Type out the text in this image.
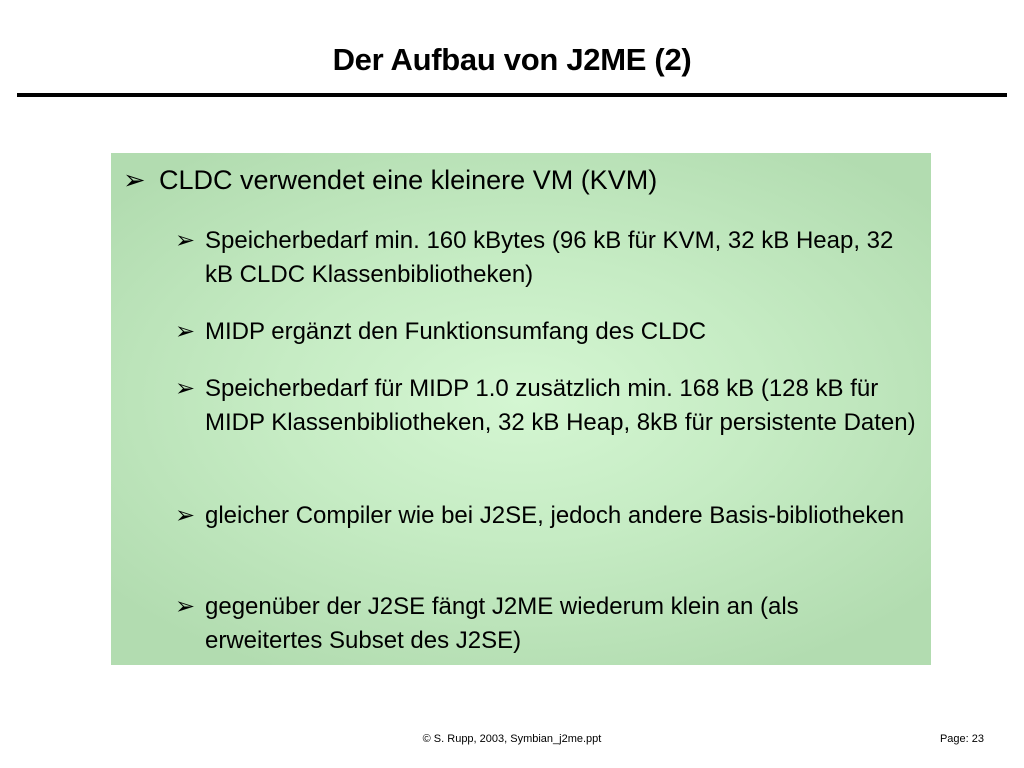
Der Aufbau von J2ME (2)
➢ CLDC verwendet eine kleinere VM (KVM)
➢ Speicherbedarf min. 160 kBytes (96 kB für KVM, 32 kB Heap, 32 kB CLDC Klassenbibliotheken)
➢ MIDP ergänzt den Funktionsumfang des CLDC
➢ Speicherbedarf für MIDP 1.0 zusätzlich min. 168 kB (128 kB für MIDP Klassenbibliotheken, 32 kB Heap, 8kB für persistente Daten)
➢ gleicher Compiler wie bei J2SE, jedoch andere Basis-bibliotheken
➢ gegenüber der J2SE fängt J2ME wiederum klein an (als erweitertes Subset des J2SE)
© S. Rupp, 2003, Symbian_j2me.ppt	Page: 23
